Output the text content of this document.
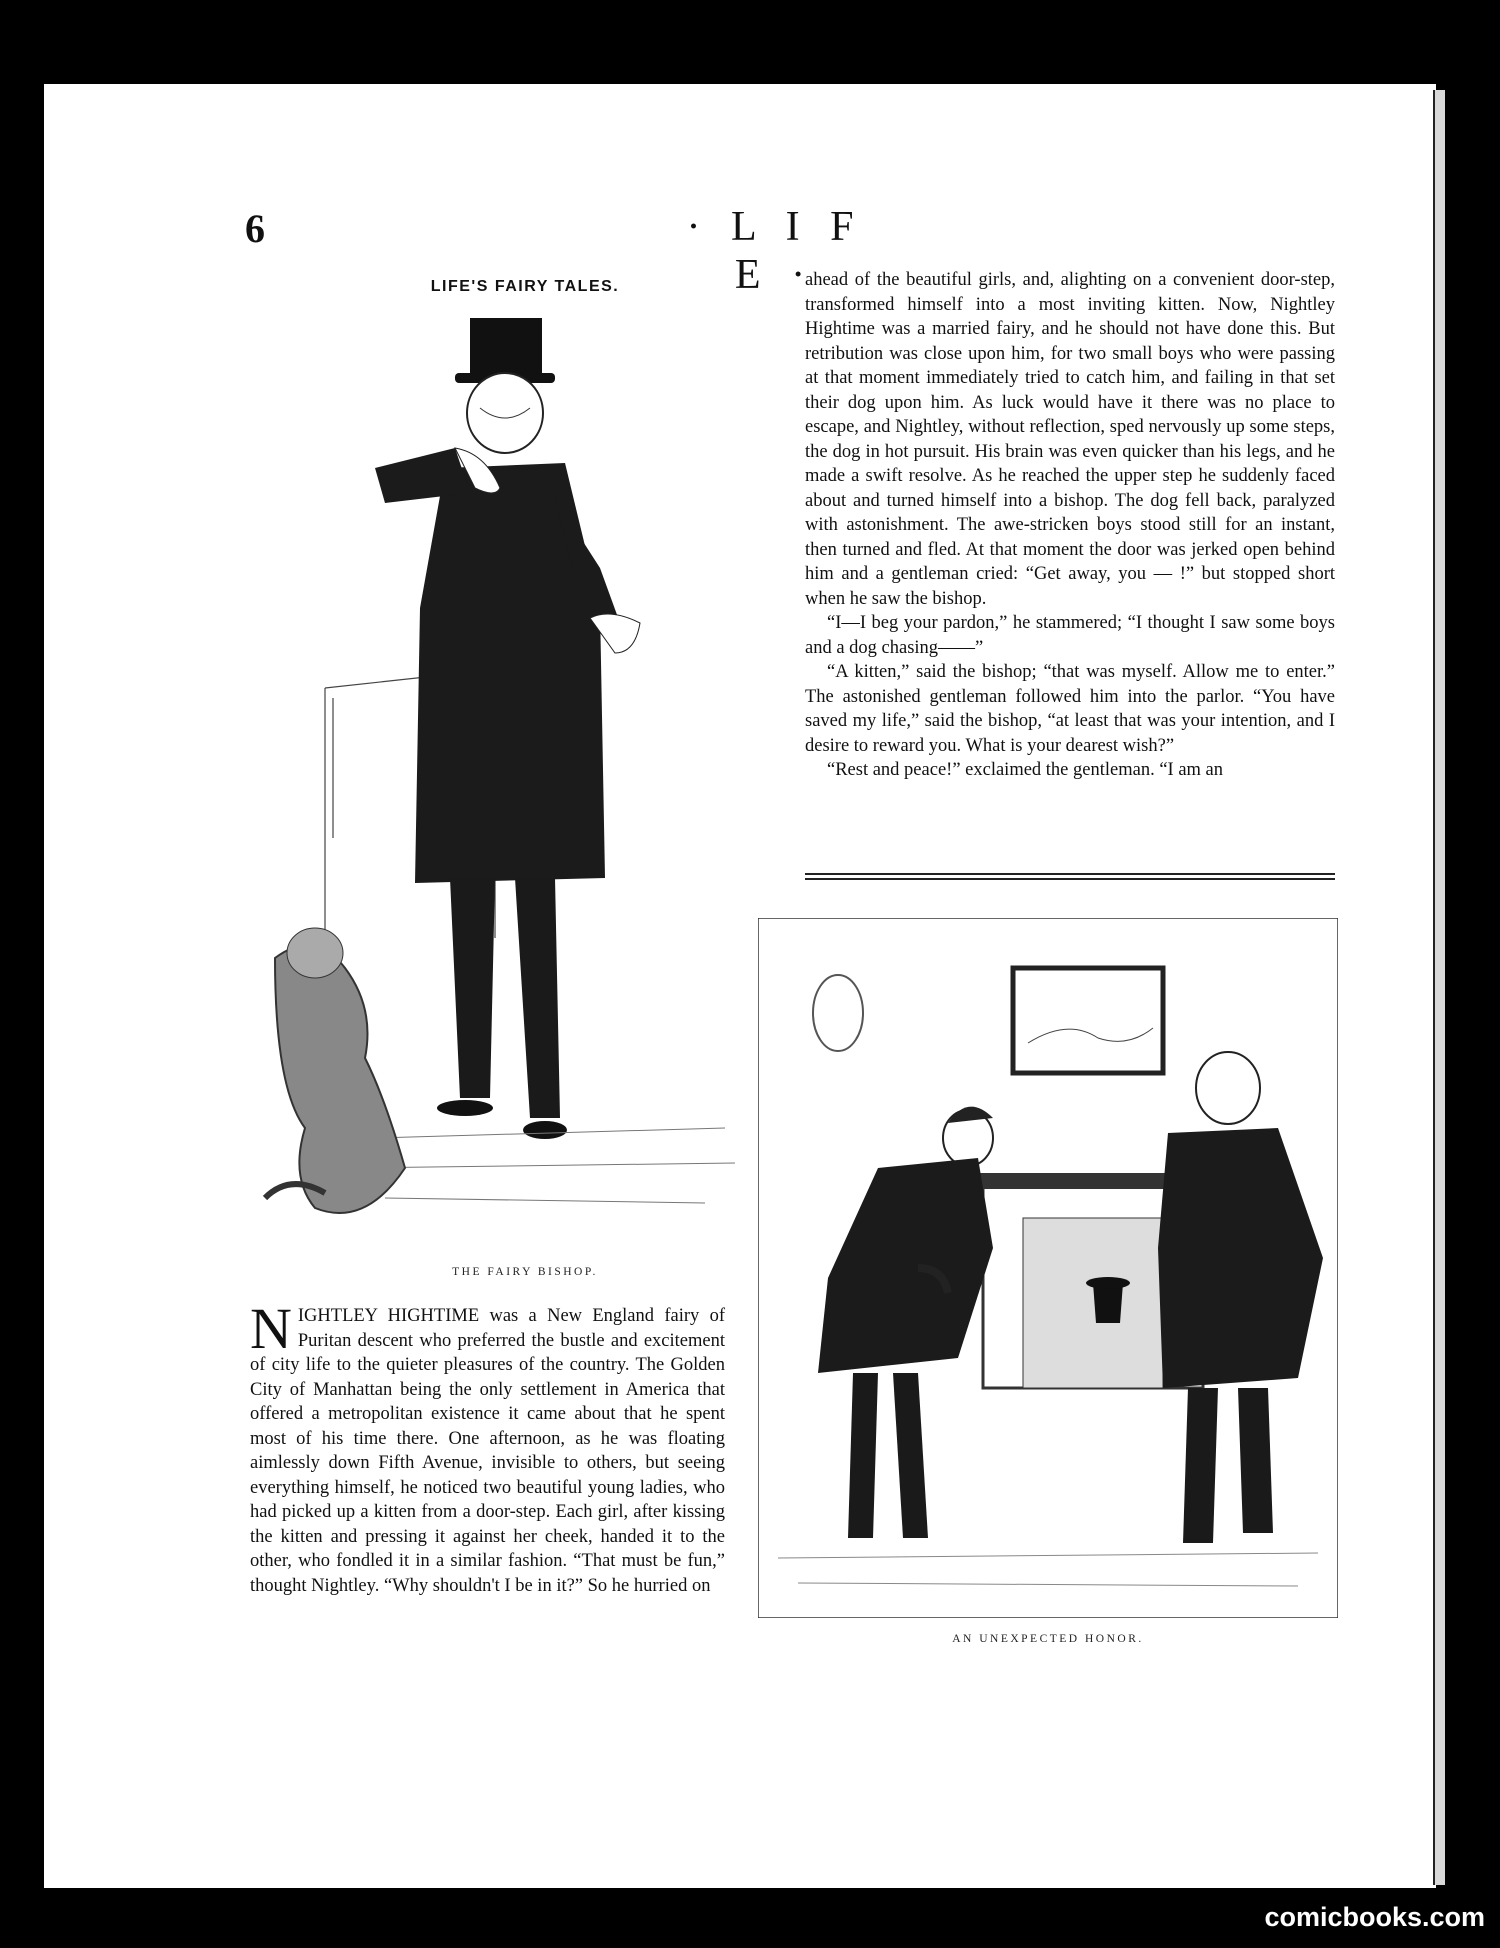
6	· L I F E ·
LIFE'S FAIRY TALES.
THE FAIRY BISHOP.

ahead of the beautiful girls, and, alighting on a convenient door-step, transformed himself into a most inviting kitten. Now, Nightley Hightime was a married fairy, and he should not have done this. But retribution was close upon him, for two small boys who were passing at that moment immediately tried to catch him, and failing in that set their dog upon him. As luck would have it there was no place to escape, and Nightley, without reflection, sped nervously up some steps, the dog in hot pursuit. His brain was even quicker than his legs, and he made a swift resolve. As he reached the upper step he suddenly faced about and turned himself into a bishop. The dog fell back, paralyzed with astonishment. The awe-stricken boys stood still for an instant, then turned and fled. At that moment the door was jerked open behind him and a gentleman cried: “Get away, you — !” but stopped short when he saw the bishop.

“I—I beg your pardon,” he stammered; “I thought I saw some boys and a dog chasing——”

“A kitten,” said the bishop; “that was myself. Allow me to enter.” The astonished gentleman followed him into the parlor. “You have saved my life,” said the bishop, “at least that was your intention, and I desire to reward you. What is your dearest wish?”

“Rest and peace!” exclaimed the gentleman. “I am an

AN UNEXPECTED HONOR.

NIGHTLEY HIGHTIME was a New England fairy of Puritan descent who preferred the bustle and excitement of city life to the quieter pleasures of the country. The Golden City of Manhattan being the only settlement in America that offered a metropolitan existence it came about that he spent most of his time there. One afternoon, as he was floating aimlessly down Fifth Avenue, invisible to others, but seeing everything himself, he noticed two beautiful young ladies, who had picked up a kitten from a door-step. Each girl, after kissing the kitten and pressing it against her cheek, handed it to the other, who fondled it in a similar fashion. “That must be fun,” thought Nightley. “Why shouldn't I be in it?” So he hurried on

comicbooks.com
